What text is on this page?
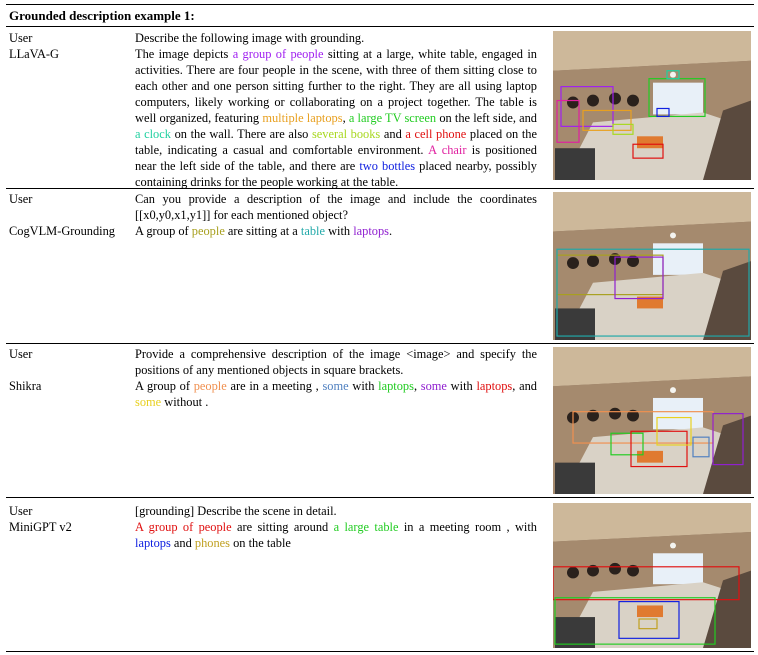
Grounded description example 1:
User
LLaVA-G

Describe the following image with grounding.

The image depicts a group of people sitting at a large, white table, engaged in activities. There are four people in the scene, with three of them sitting close to each other and one person sitting further to the right. They are all using laptop computers, likely working or collaborating on a project together. The table is well organized, featuring multiple laptops, a large TV screen on the left side, and a clock on the wall. There are also several books and a cell phone placed on the table, indicating a casual and comfortable environment. A chair is positioned near the left side of the table, and there are two bottles placed nearby, possibly containing drinks for the people working at the table.

User
CogVLM-Grounding

Can you provide a description of the image and include the coordinates [[x0,y0,x1,y1]] for each mentioned object?

A group of people are sitting at a table with laptops.

User
Shikra

Provide a comprehensive description of the image <image> and specify the positions of any mentioned objects in square brackets.

A group of people are in a meeting , some with laptops, some with laptops, and some without .

User
MiniGPT v2

[grounding] Describe the scene in detail.

A group of people are sitting around a large table in a meeting room , with laptops and phones on the table
